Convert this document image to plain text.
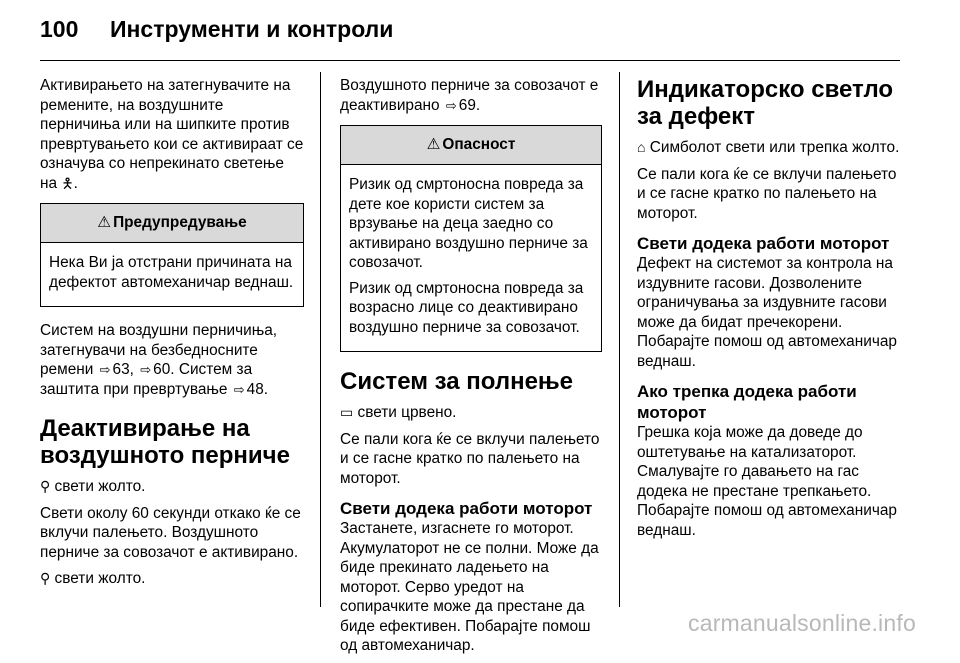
100	Инструменти и контроли

Активирањето на затегнувачите на ремените, на воздушните перничиња или на шипките против превртувањето кои се активираат се означува со непрекинато светење на 🯅.

⚠ Предупредување

Нека Ви ја отстрани причината на дефектот автомеханичар веднаш.

Систем на воздушни перничиња, затегнувачи на безбедносните ремени ⇨ 63, ⇨ 60. Систем за заштита при превртување ⇨ 48.

Деактивирање на воздушното перниче

⚲ свети жолто.

Свети околу 60 секунди откако ќе се вклучи палењето. Воздушното перниче за совозачот е активирано.

⚲ свети жолто.

Воздушното перниче за совозачот е деактивирано ⇨ 69.

⚠ Опасност

Ризик од смртоносна повреда за дете кое користи систем за врзување на деца заедно со активирано воздушно перниче за совозачот.

Ризик од смртоносна повреда за возрасно лице со деактивирано воздушно перниче за совозачот.

Систем за полнење

▭ свети црвено.

Се пали кога ќе се вклучи палењето и се гасне кратко по палењето на моторот.

Свети додека работи моторот

Застанете, изгаснете го моторот. Акумулаторот не се полни. Може да биде прекинато ладењето на моторот. Серво уредот на сопирачките може да престане да биде ефективен. Побарајте помош од автомеханичар.

Индикаторско светло за дефект

⌂ Симболот свети или трепка жолто.

Се пали кога ќе се вклучи палењето и се гасне кратко по палењето на моторот.

Свети додека работи моторот

Дефект на системот за контрола на издувните гасови. Дозволените ограничувања за издувните гасови може да бидат пречекорени. Побарајте помош од автомеханичар веднаш.

Ако трепка додека работи моторот

Грешка која може да доведе до оштетување на катализаторот. Смалувајте го давањето на гас додека не престане трепкањето. Побарајте помош од автомеханичар веднаш.

carmanualsonline.info
